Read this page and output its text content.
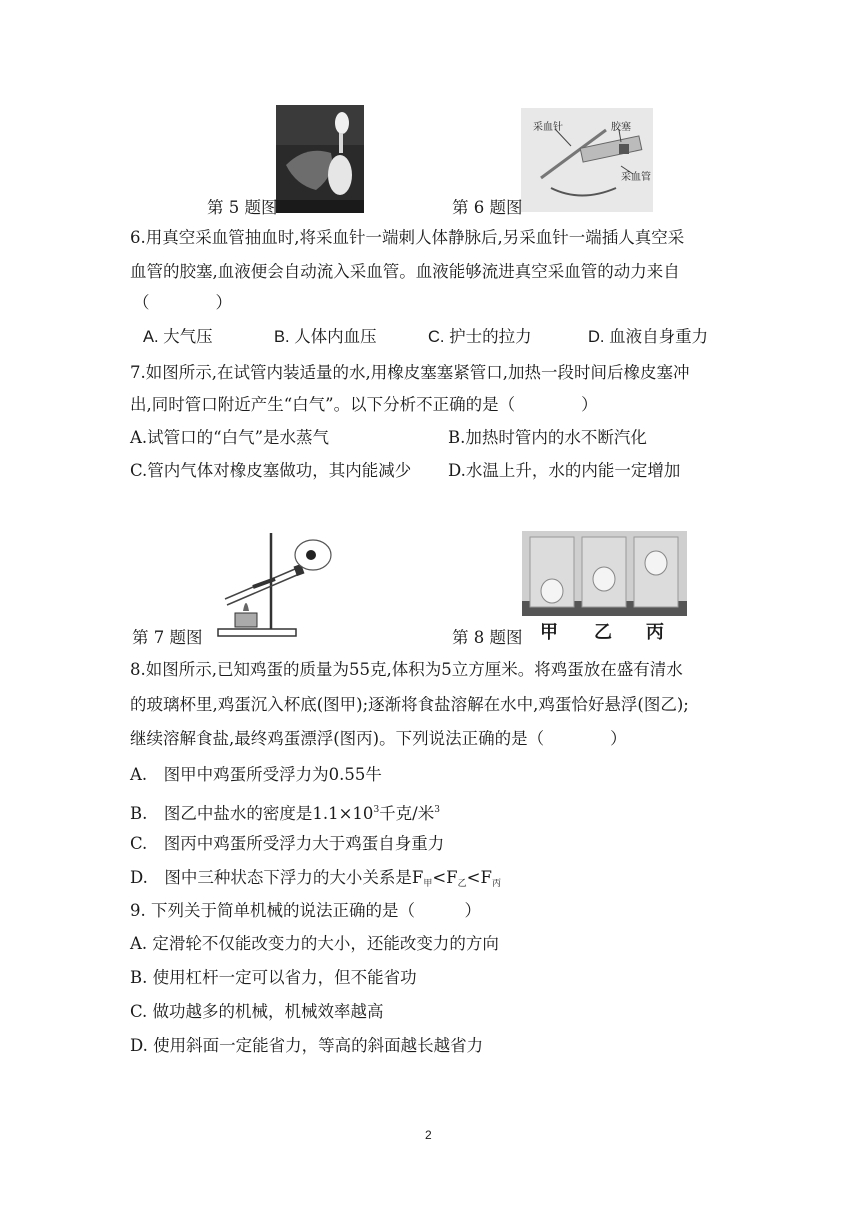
第 5 题图
采血针	胶塞
采血管
第 6 题图
6.用真空采血管抽血时,将采血针一端刺人体静脉后,另采血针一端插人真空采
血管的胶塞,血液便会自动流入采血管。血液能够流进真空采血管的动力来自
（　　　　）
A. 大气压	B. 人体内血压	C. 护士的拉力	D. 血液自身重力
7.如图所示,在试管内装适量的水,用橡皮塞塞紧管口,加热一段时间后橡皮塞冲
出,同时管口附近产生“白气”。以下分析不正确的是（　　　　）
A.试管口的“白气”是水蒸气	B.加热时管内的水不断汽化
C.管内气体对橡皮塞做功，其内能减少 D.水温上升，水的内能一定增加
第 7 题图	甲 乙 丙
第 8 题图
8.如图所示,已知鸡蛋的质量为55克,体积为5立方厘米。将鸡蛋放在盛有清水
的玻璃杯里,鸡蛋沉入杯底(图甲);逐渐将食盐溶解在水中,鸡蛋恰好悬浮(图乙);
继续溶解食盐,最终鸡蛋漂浮(图丙)。下列说法正确的是（　　　　）
A.　图甲中鸡蛋所受浮力为0.55牛
B.　图乙中盐水的密度是$1.1\times 10^3$千克/米$^3$
C.　图丙中鸡蛋所受浮力大于鸡蛋自身重力
D.　图中三种状态下浮力的大小关系是F甲<F乙<F丙
9. 下列关于简单机械的说法正确的是（　　　）
A. 定滑轮不仅能改变力的大小，还能改变力的方向
B. 使用杠杆一定可以省力，但不能省功
C. 做功越多的机械，机械效率越高
D. 使用斜面一定能省力，等高的斜面越长越省力
2
